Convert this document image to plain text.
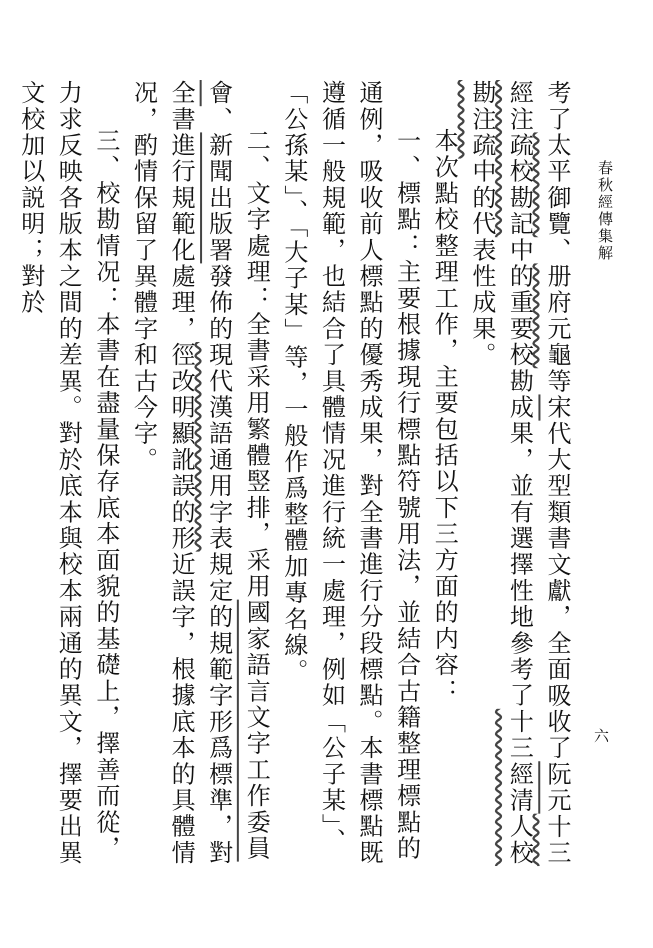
春秋經傳集解
六

考了太平御覽、册府元龜等宋代大型類書文獻，全面吸收了阮元十三經注疏校勘記中的重要校勘成果，並有選擇性地參考了十三經清人校勘注疏中的代表性成果。

本次點校整理工作，主要包括以下三方面的内容：

一、標點：主要根據現行標點符號用法，並結合古籍整理標點的通例，吸收前人標點的優秀成果，對全書進行分段標點。本書標點既遵循一般規範，也結合了具體情况進行統一處理，例如「公子某」、「公孫某」、「大子某」等，一般作爲整體加專名線。

二、文字處理：全書采用繁體竪排，采用國家語言文字工作委員會、新聞出版署發佈的現代漢語通用字表規定的規範字形爲標準，對全書進行規範化處理，徑改明顯訛誤的形近誤字，根據底本的具體情况，酌情保留了異體字和古今字。

三、校勘情况：本書在盡量保存底本面貌的基礎上，擇善而從，力求反映各版本之間的差異。對於底本與校本兩通的異文，擇要出異文校加以説明；對於
